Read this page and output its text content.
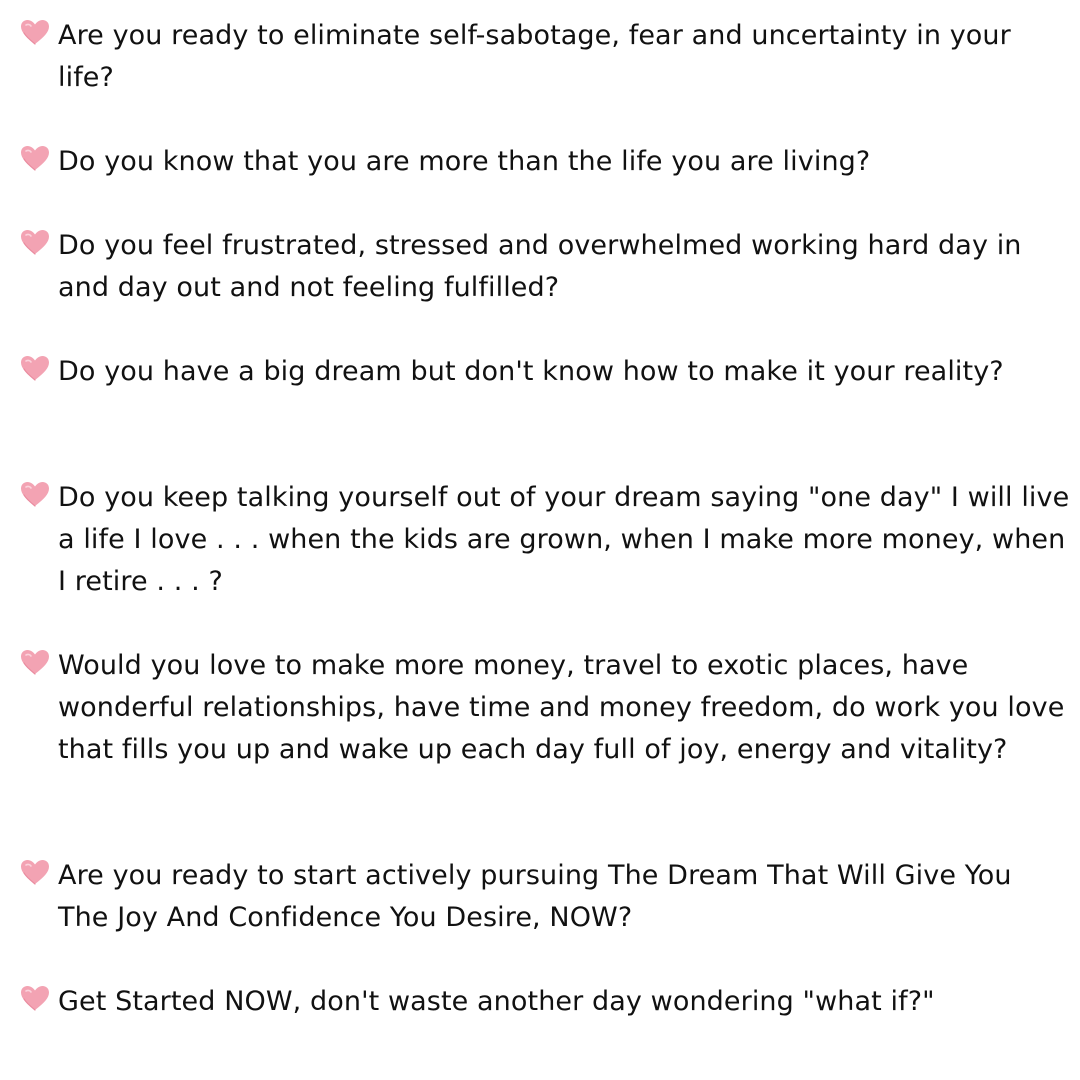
Are you ready to eliminate self-sabotage, fear and uncertainty in your life?
Do you know that you are more than the life you are living?
Do you feel frustrated, stressed and overwhelmed working hard day in and day out and not feeling fulfilled?
Do you have a big dream but don't know how to make it your reality?
Do you keep talking yourself out of your dream saying "one day" I will live a life I love . . . when the kids are grown, when I make more money, when I retire . . . ?
Would you love to make more money, travel to exotic places, have wonderful relationships, have time and money freedom, do work you love that fills you up and wake up each day full of joy, energy and vitality?
Are you ready to start actively pursuing The Dream That Will Give You The Joy And Confidence You Desire, NOW?
Get Started NOW, don't waste another day wondering "what if?"
